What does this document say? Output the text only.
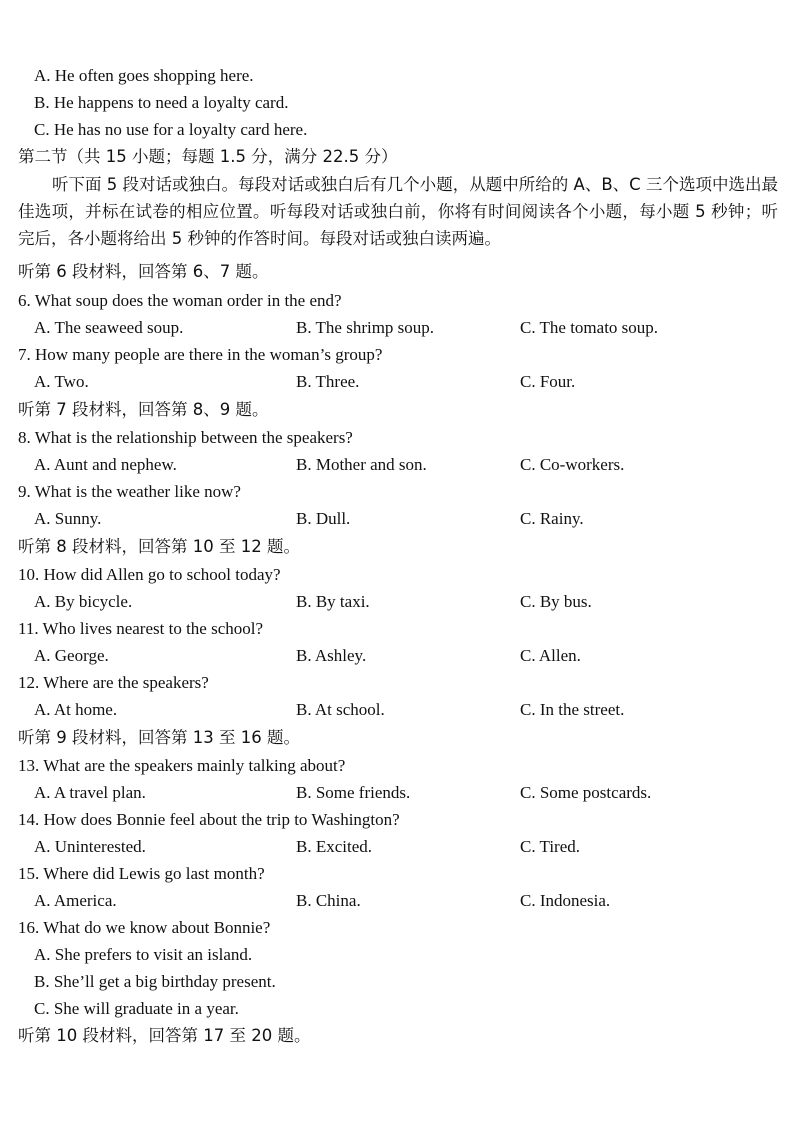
A. He often goes shopping here.
B. He happens to need a loyalty card.
C. He has no use for a loyalty card here.
第二节（共 15 小题；每题 1.5 分，满分 22.5 分）
听下面 5 段对话或独白。每段对话或独白后有几个小题，从题中所给的 A、B、C 三个选项中选出最佳选项，并标在试卷的相应位置。听每段对话或独白前，你将有时间阅读各个小题，每小题 5 秒钟；听完后，各小题将给出 5 秒钟的作答时间。每段对话或独白读两遍。
听第 6 段材料，回答第 6、7 题。
6. What soup does the woman order in the end?
A. The seaweed soup.	B. The shrimp soup.	C. The tomato soup.
7. How many people are there in the woman’s group?
A. Two.	B. Three.	C. Four.
听第 7 段材料，回答第 8、9 题。
8. What is the relationship between the speakers?
A. Aunt and nephew.	B. Mother and son.	C. Co-workers.
9. What is the weather like now?
A. Sunny.	B. Dull.	C. Rainy.
听第 8 段材料，回答第 10 至 12 题。
10. How did Allen go to school today?
A. By bicycle.	B. By taxi.	C. By bus.
11. Who lives nearest to the school?
A. George.	B. Ashley.	C. Allen.
12. Where are the speakers?
A. At home.	B. At school.	C. In the street.
听第 9 段材料，回答第 13 至 16 题。
13. What are the speakers mainly talking about?
A. A travel plan.	B. Some friends.	C. Some postcards.
14. How does Bonnie feel about the trip to Washington?
A. Uninterested.	B. Excited.	C. Tired.
15. Where did Lewis go last month?
A. America.	B. China.	C. Indonesia.
16. What do we know about Bonnie?
A. She prefers to visit an island.
B. She’ll get a big birthday present.
C. She will graduate in a year.
听第 10 段材料，回答第 17 至 20 题。
